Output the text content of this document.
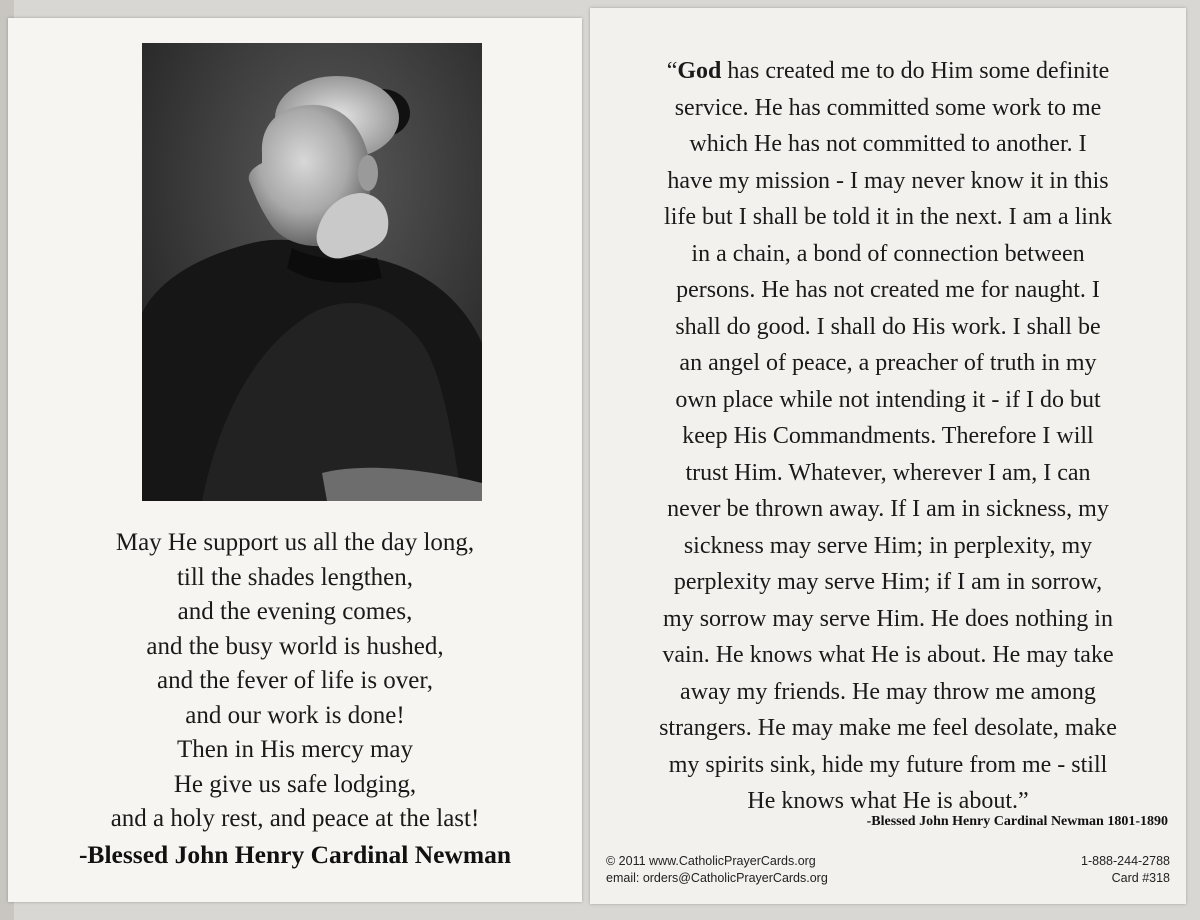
May He support us all the day long,
till the shades lengthen,
and the evening comes,
and the busy world is hushed,
and the fever of life is over,
and our work is done!
Then in His mercy may
He give us safe lodging,
and a holy rest, and peace at the last!
-Blessed John Henry Cardinal Newman
“God has created me to do Him some definite
service. He has committed some work to me
which He has not committed to another. I
have my mission - I may never know it in this
life but I shall be told it in the next. I am a link
in a chain, a bond of connection between
persons. He has not created me for naught. I
shall do good. I shall do His work. I shall be
an angel of peace, a preacher of truth in my
own place while not intending it - if I do but
keep His Commandments. Therefore I will
trust Him. Whatever, wherever I am, I can
never be thrown away. If I am in sickness, my
sickness may serve Him; in perplexity, my
perplexity may serve Him; if I am in sorrow,
my sorrow may serve Him. He does nothing in
vain. He knows what He is about. He may take
away my friends. He may throw me among
strangers. He may make me feel desolate, make
my spirits sink, hide my future from me - still
He knows what He is about.”
-Blessed John Henry Cardinal Newman 1801-1890
© 2011 www.CatholicPrayerCards.org
email: orders@CatholicPrayerCards.org
1-888-244-2788
Card #318
